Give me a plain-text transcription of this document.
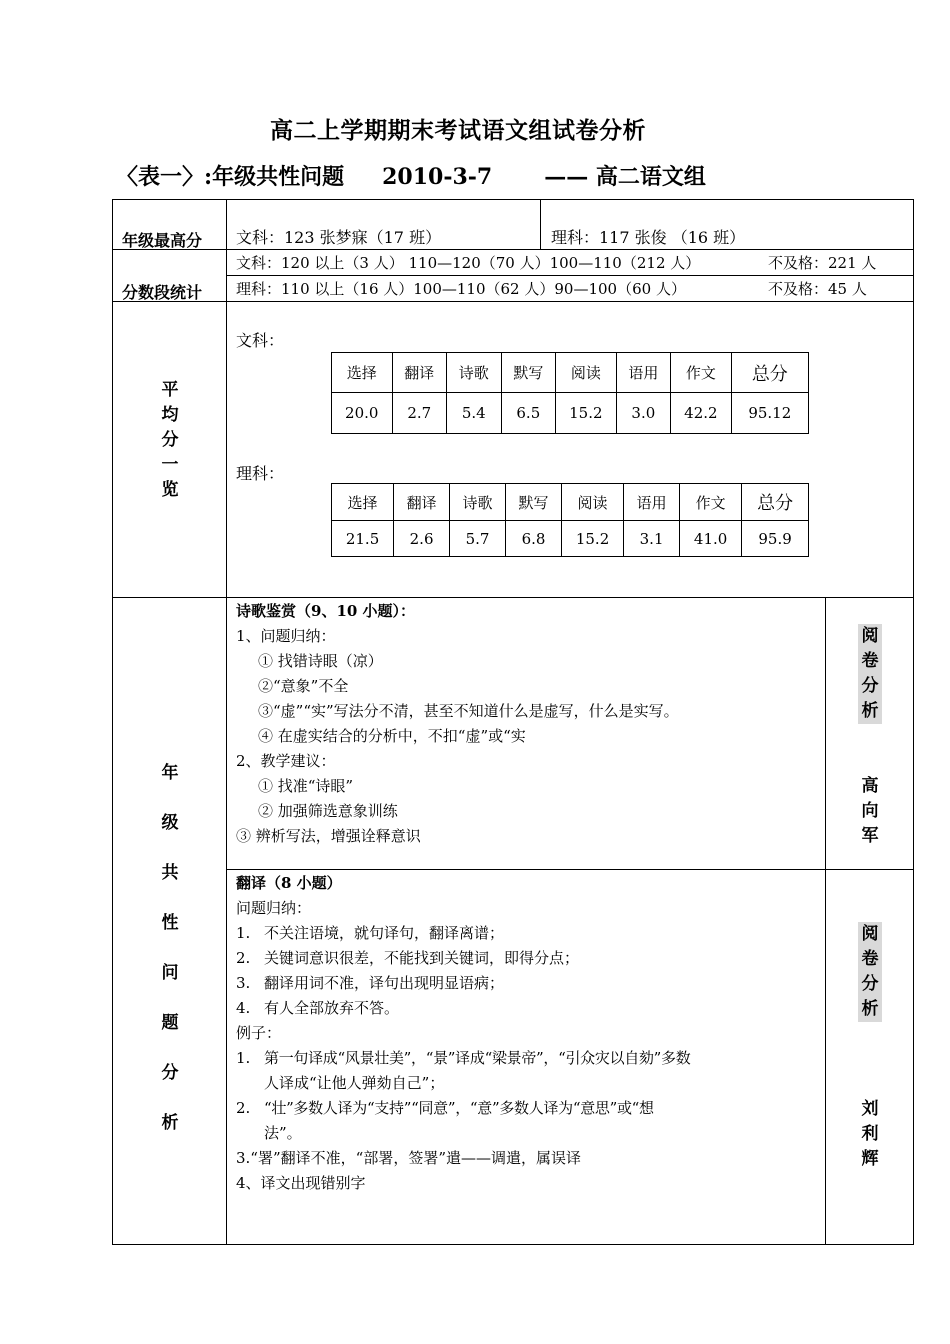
高二上学期期末考试语文组试卷分析
〈表一〉:年级共性问题 2010-3-7 —— 高二语文组
年级最高分 文科：123 张梦寐（17 班）	理科：117 张俊 （16 班）
分数段统计
文科：120 以上（3 人） 110—120（70 人）100—110（212 人）	不及格：221 人
理科：110 以上（16 人）100—110（62 人）90—100（60 人）	不及格：45 人
平
均
分
一
览
文科：
选择	翻译	诗歌	默写	阅读	语用	作文	总分
20.0	2.7	5.4	6.5	15.2	3.0	42.2	95.12
理科：
选择	翻译	诗歌	默写	阅读	语用	作文	总分
21.5	2.6	5.7	6.8	15.2	3.1	41.0	95.9
年
级
共
性
问
题
分
析
诗歌鉴赏（9、10 小题）：
1、问题归纳：
① 找错诗眼（凉）
②“意象”不全
③“虚”“实”写法分不清，甚至不知道什么是虚写，什么是实写。
④ 在虚实结合的分析中，不扣“虚”或“实
2、教学建议：
① 找准“诗眼”
② 加强筛选意象训练
③ 辨析写法，增强诠释意识
阅
卷
分
析
高
向
军
翻译（8 小题）
问题归纳：
1. 不关注语境，就句译句，翻译离谱；
2. 关键词意识很差，不能找到关键词，即得分点；
3. 翻译用词不准，译句出现明显语病；
4. 有人全部放弃不答。
例子：
1. 第一句译成“风景壮美”，“景”译成“梁景帝”，“引众灾以自劾”多数
人译成“让他人弹劾自己”；
2. “壮”多数人译为“支持”“同意”，“意”多数人译为“意思”或“想
法”。
3.“署”翻译不准，“部署，签署”遣——调遣，属误译
4、译文出现错别字
阅
卷
分
析
刘
利
辉
